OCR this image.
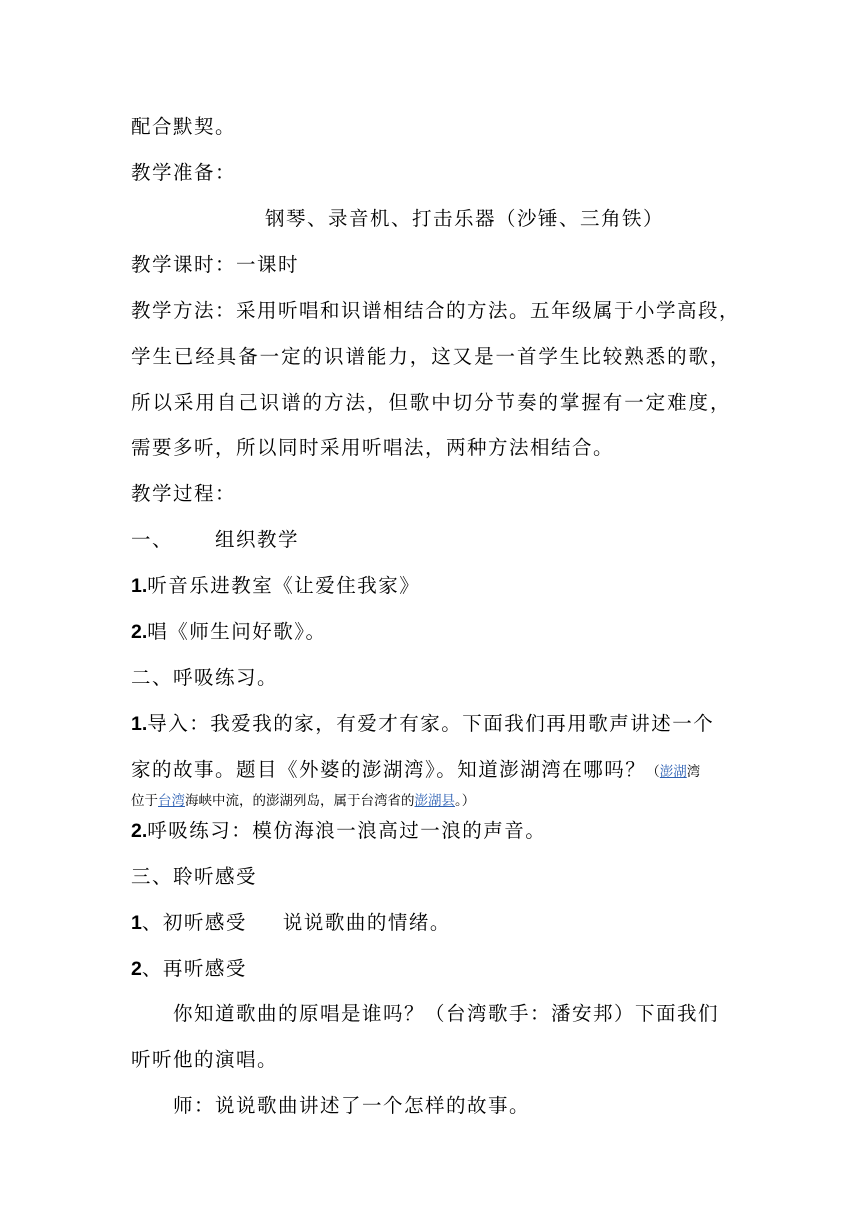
配合默契。
教学准备：
钢琴、录音机、打击乐器（沙锤、三角铁）
教学课时：一课时
教学方法：采用听唱和识谱相结合的方法。五年级属于小学高段，
学生已经具备一定的识谱能力，这又是一首学生比较熟悉的歌，
所以采用自己识谱的方法，但歌中切分节奏的掌握有一定难度，
需要多听，所以同时采用听唱法，两种方法相结合。
教学过程：
一、 组织教学
1.听音乐进教室《让爱住我家》
2.唱《师生问好歌》。
二、呼吸练习。
1.导入：我爱我的家，有爱才有家。下面我们再用歌声讲述一个
家的故事。题目《外婆的澎湖湾》。知道澎湖湾在哪吗？（澎湖湾
位于台湾海峡中流，的澎湖列岛，属于台湾省的澎湖县。）
2.呼吸练习：模仿海浪一浪高过一浪的声音。
三、聆听感受
1、初听感受 说说歌曲的情绪。
2、再听感受
你知道歌曲的原唱是谁吗？（台湾歌手：潘安邦）下面我们
听听他的演唱。
师：说说歌曲讲述了一个怎样的故事。
